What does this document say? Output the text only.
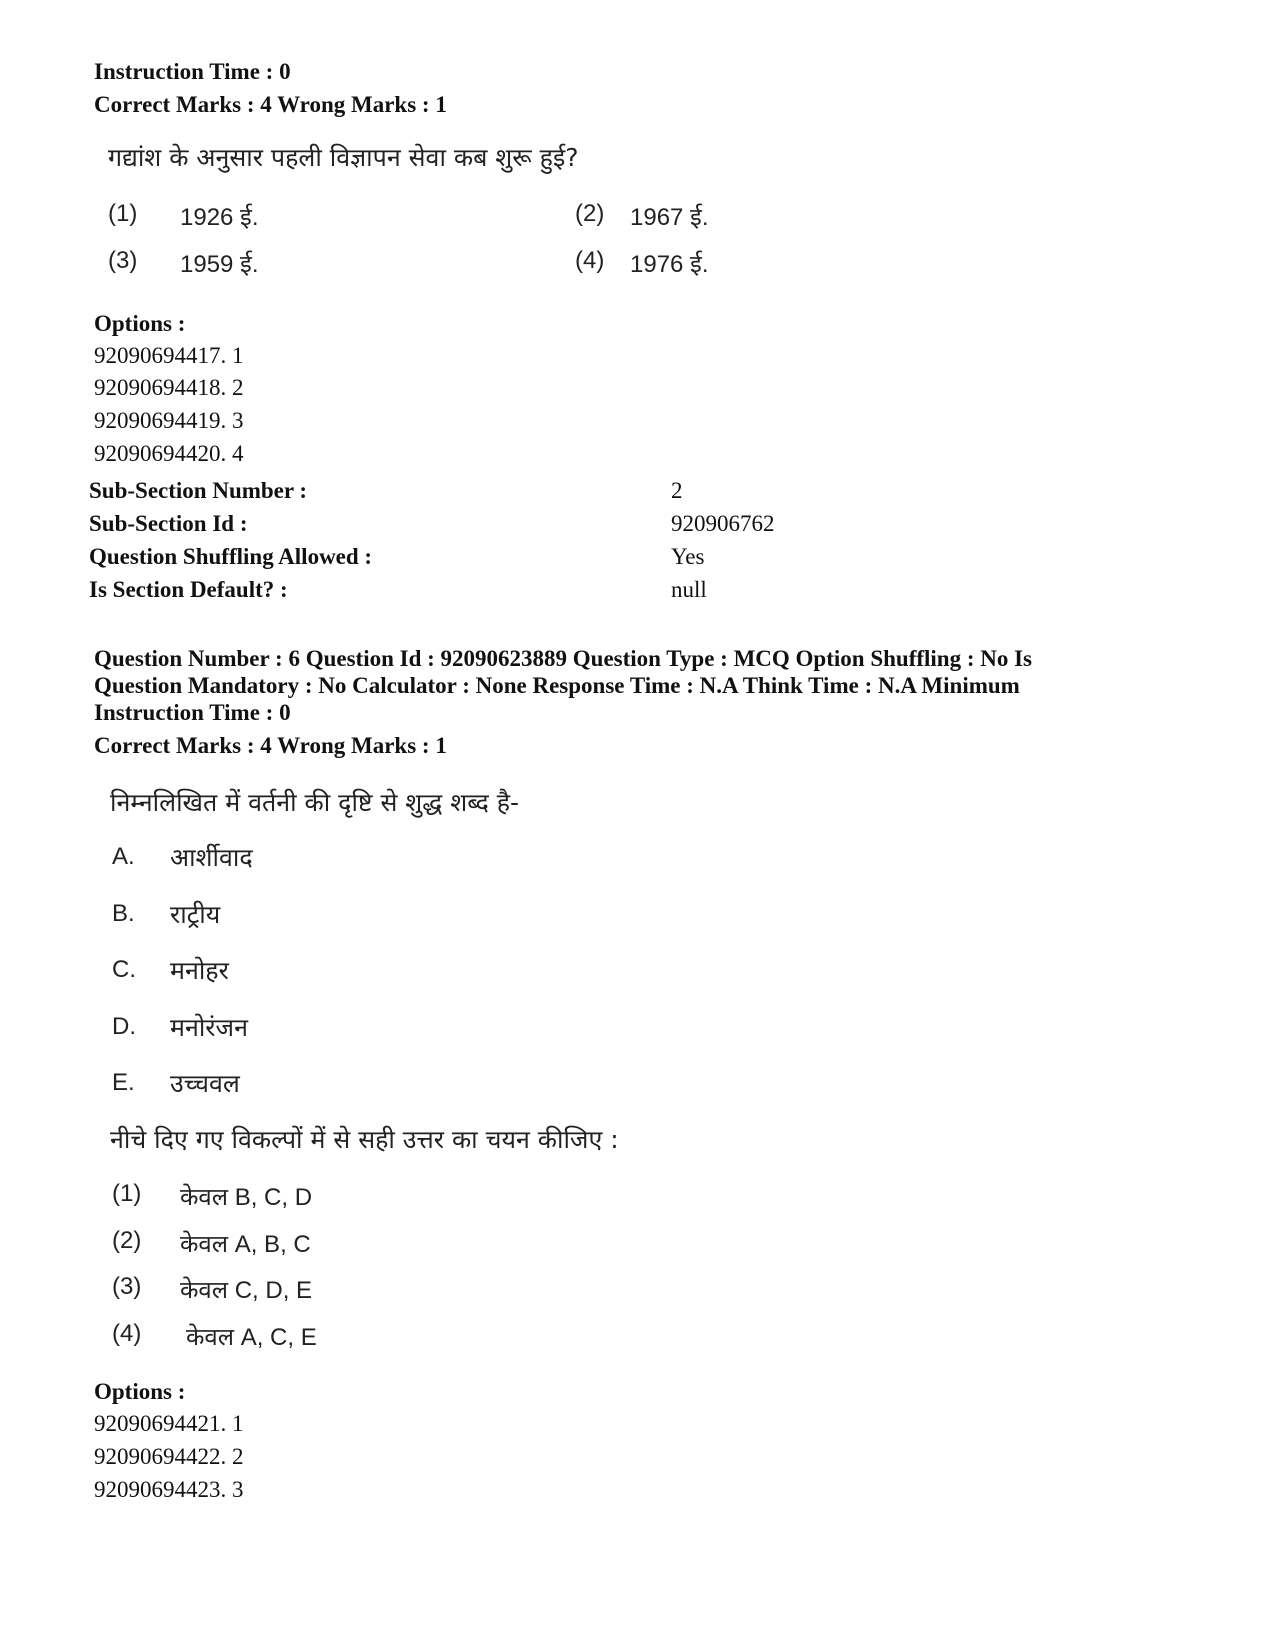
Instruction Time : 0
Correct Marks : 4 Wrong Marks : 1
गद्यांश के अनुसार पहली विज्ञापन सेवा कब शुरू हुई?
(1) 1926 ई.	(2) 1967 ई.
(3) 1959 ई.	(4) 1976 ई.
Options :
92090694417. 1
92090694418. 2
92090694419. 3
92090694420. 4
Sub-Section Number :	2
Sub-Section Id :	920906762
Question Shuffling Allowed :	Yes
Is Section Default? :	null
Question Number : 6 Question Id : 92090623889 Question Type : MCQ Option Shuffling : No Is
Question Mandatory : No Calculator : None Response Time : N.A Think Time : N.A Minimum
Instruction Time : 0
Correct Marks : 4 Wrong Marks : 1
निम्नलिखित में वर्तनी की दृष्टि से शुद्ध शब्द है-
A. आर्शीवाद
B. राट्रीय
C. मनोहर
D. मनोरंजन
E. उच्चवल
नीचे दिए गए विकल्पों में से सही उत्तर का चयन कीजिए :
(1) केवल B, C, D
(2) केवल A, B, C
(3) केवल C, D, E
(4) केवल A, C, E
Options :
92090694421. 1
92090694422. 2
92090694423. 3
